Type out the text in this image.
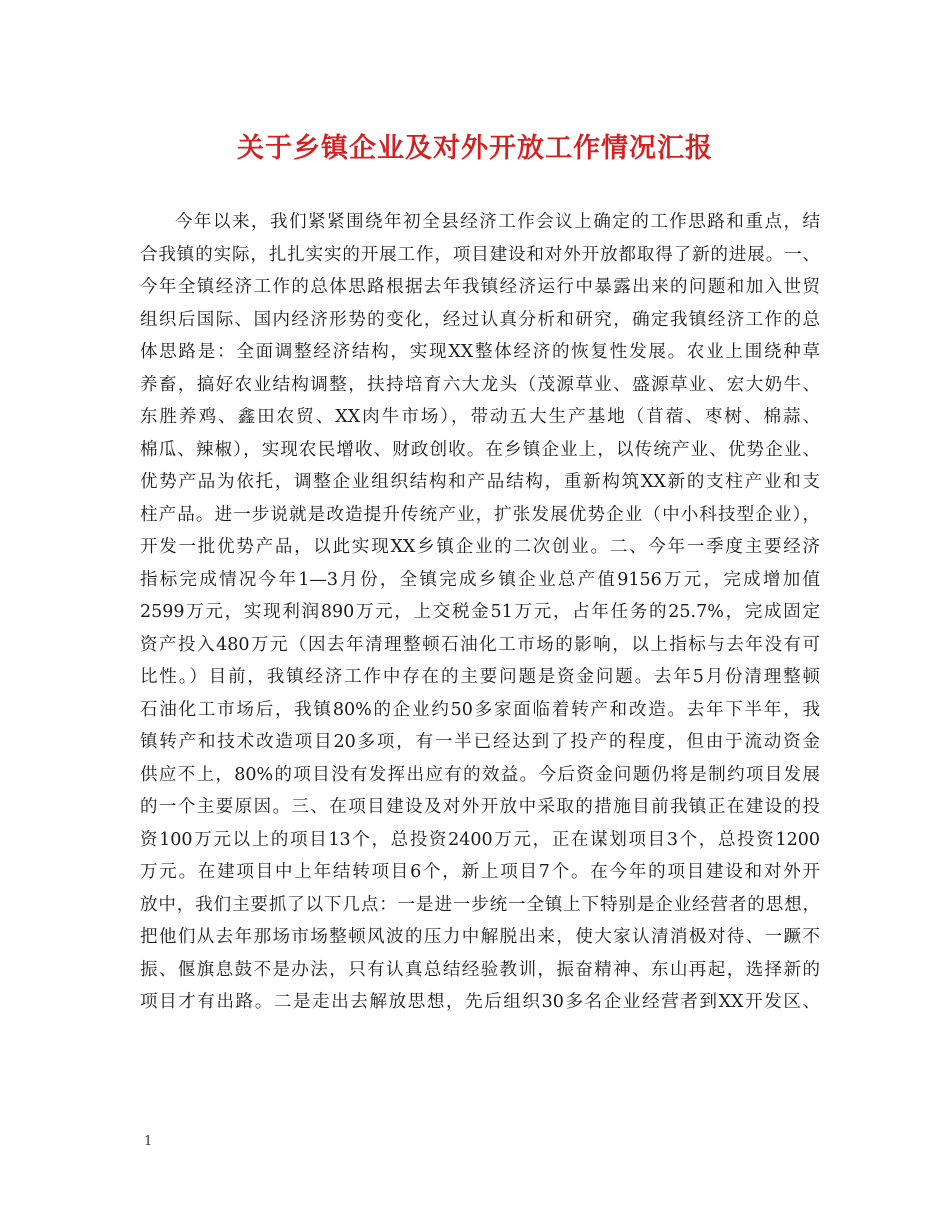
关于乡镇企业及对外开放工作情况汇报
今年以来，我们紧紧围绕年初全县经济工作会议上确定的工作思路和重点，结
合我镇的实际，扎扎实实的开展工作，项目建设和对外开放都取得了新的进展。一、
今年全镇经济工作的总体思路根据去年我镇经济运行中暴露出来的问题和加入世贸
组织后国际、国内经济形势的变化，经过认真分析和研究，确定我镇经济工作的总
体思路是：全面调整经济结构，实现XX整体经济的恢复性发展。农业上围绕种草
养畜，搞好农业结构调整，扶持培育六大龙头（茂源草业、盛源草业、宏大奶牛、
东胜养鸡、鑫田农贸、XX肉牛市场），带动五大生产基地（苜蓿、枣树、棉蒜、
棉瓜、辣椒），实现农民增收、财政创收。在乡镇企业上，以传统产业、优势企业、
优势产品为依托，调整企业组织结构和产品结构，重新构筑XX新的支柱产业和支
柱产品。进一步说就是改造提升传统产业，扩张发展优势企业（中小科技型企业），
开发一批优势产品，以此实现XX乡镇企业的二次创业。二、今年一季度主要经济
指标完成情况今年1—3月份，全镇完成乡镇企业总产值9156万元，完成增加值
2599万元，实现利润890万元，上交税金51万元，占年任务的25.7%，完成固定
资产投入480万元（因去年清理整顿石油化工市场的影响，以上指标与去年没有可
比性。）目前，我镇经济工作中存在的主要问题是资金问题。去年5月份清理整顿
石油化工市场后，我镇80%的企业约50多家面临着转产和改造。去年下半年，我
镇转产和技术改造项目20多项，有一半已经达到了投产的程度，但由于流动资金
供应不上，80%的项目没有发挥出应有的效益。今后资金问题仍将是制约项目发展
的一个主要原因。三、在项目建设及对外开放中采取的措施目前我镇正在建设的投
资100万元以上的项目13个，总投资2400万元，正在谋划项目3个，总投资1200
万元。在建项目中上年结转项目6个，新上项目7个。在今年的项目建设和对外开
放中，我们主要抓了以下几点：一是进一步统一全镇上下特别是企业经营者的思想，
把他们从去年那场市场整顿风波的压力中解脱出来，使大家认清消极对待、一蹶不
振、偃旗息鼓不是办法，只有认真总结经验教训，振奋精神、东山再起，选择新的
项目才有出路。二是走出去解放思想，先后组织30多名企业经营者到XX开发区、
1
